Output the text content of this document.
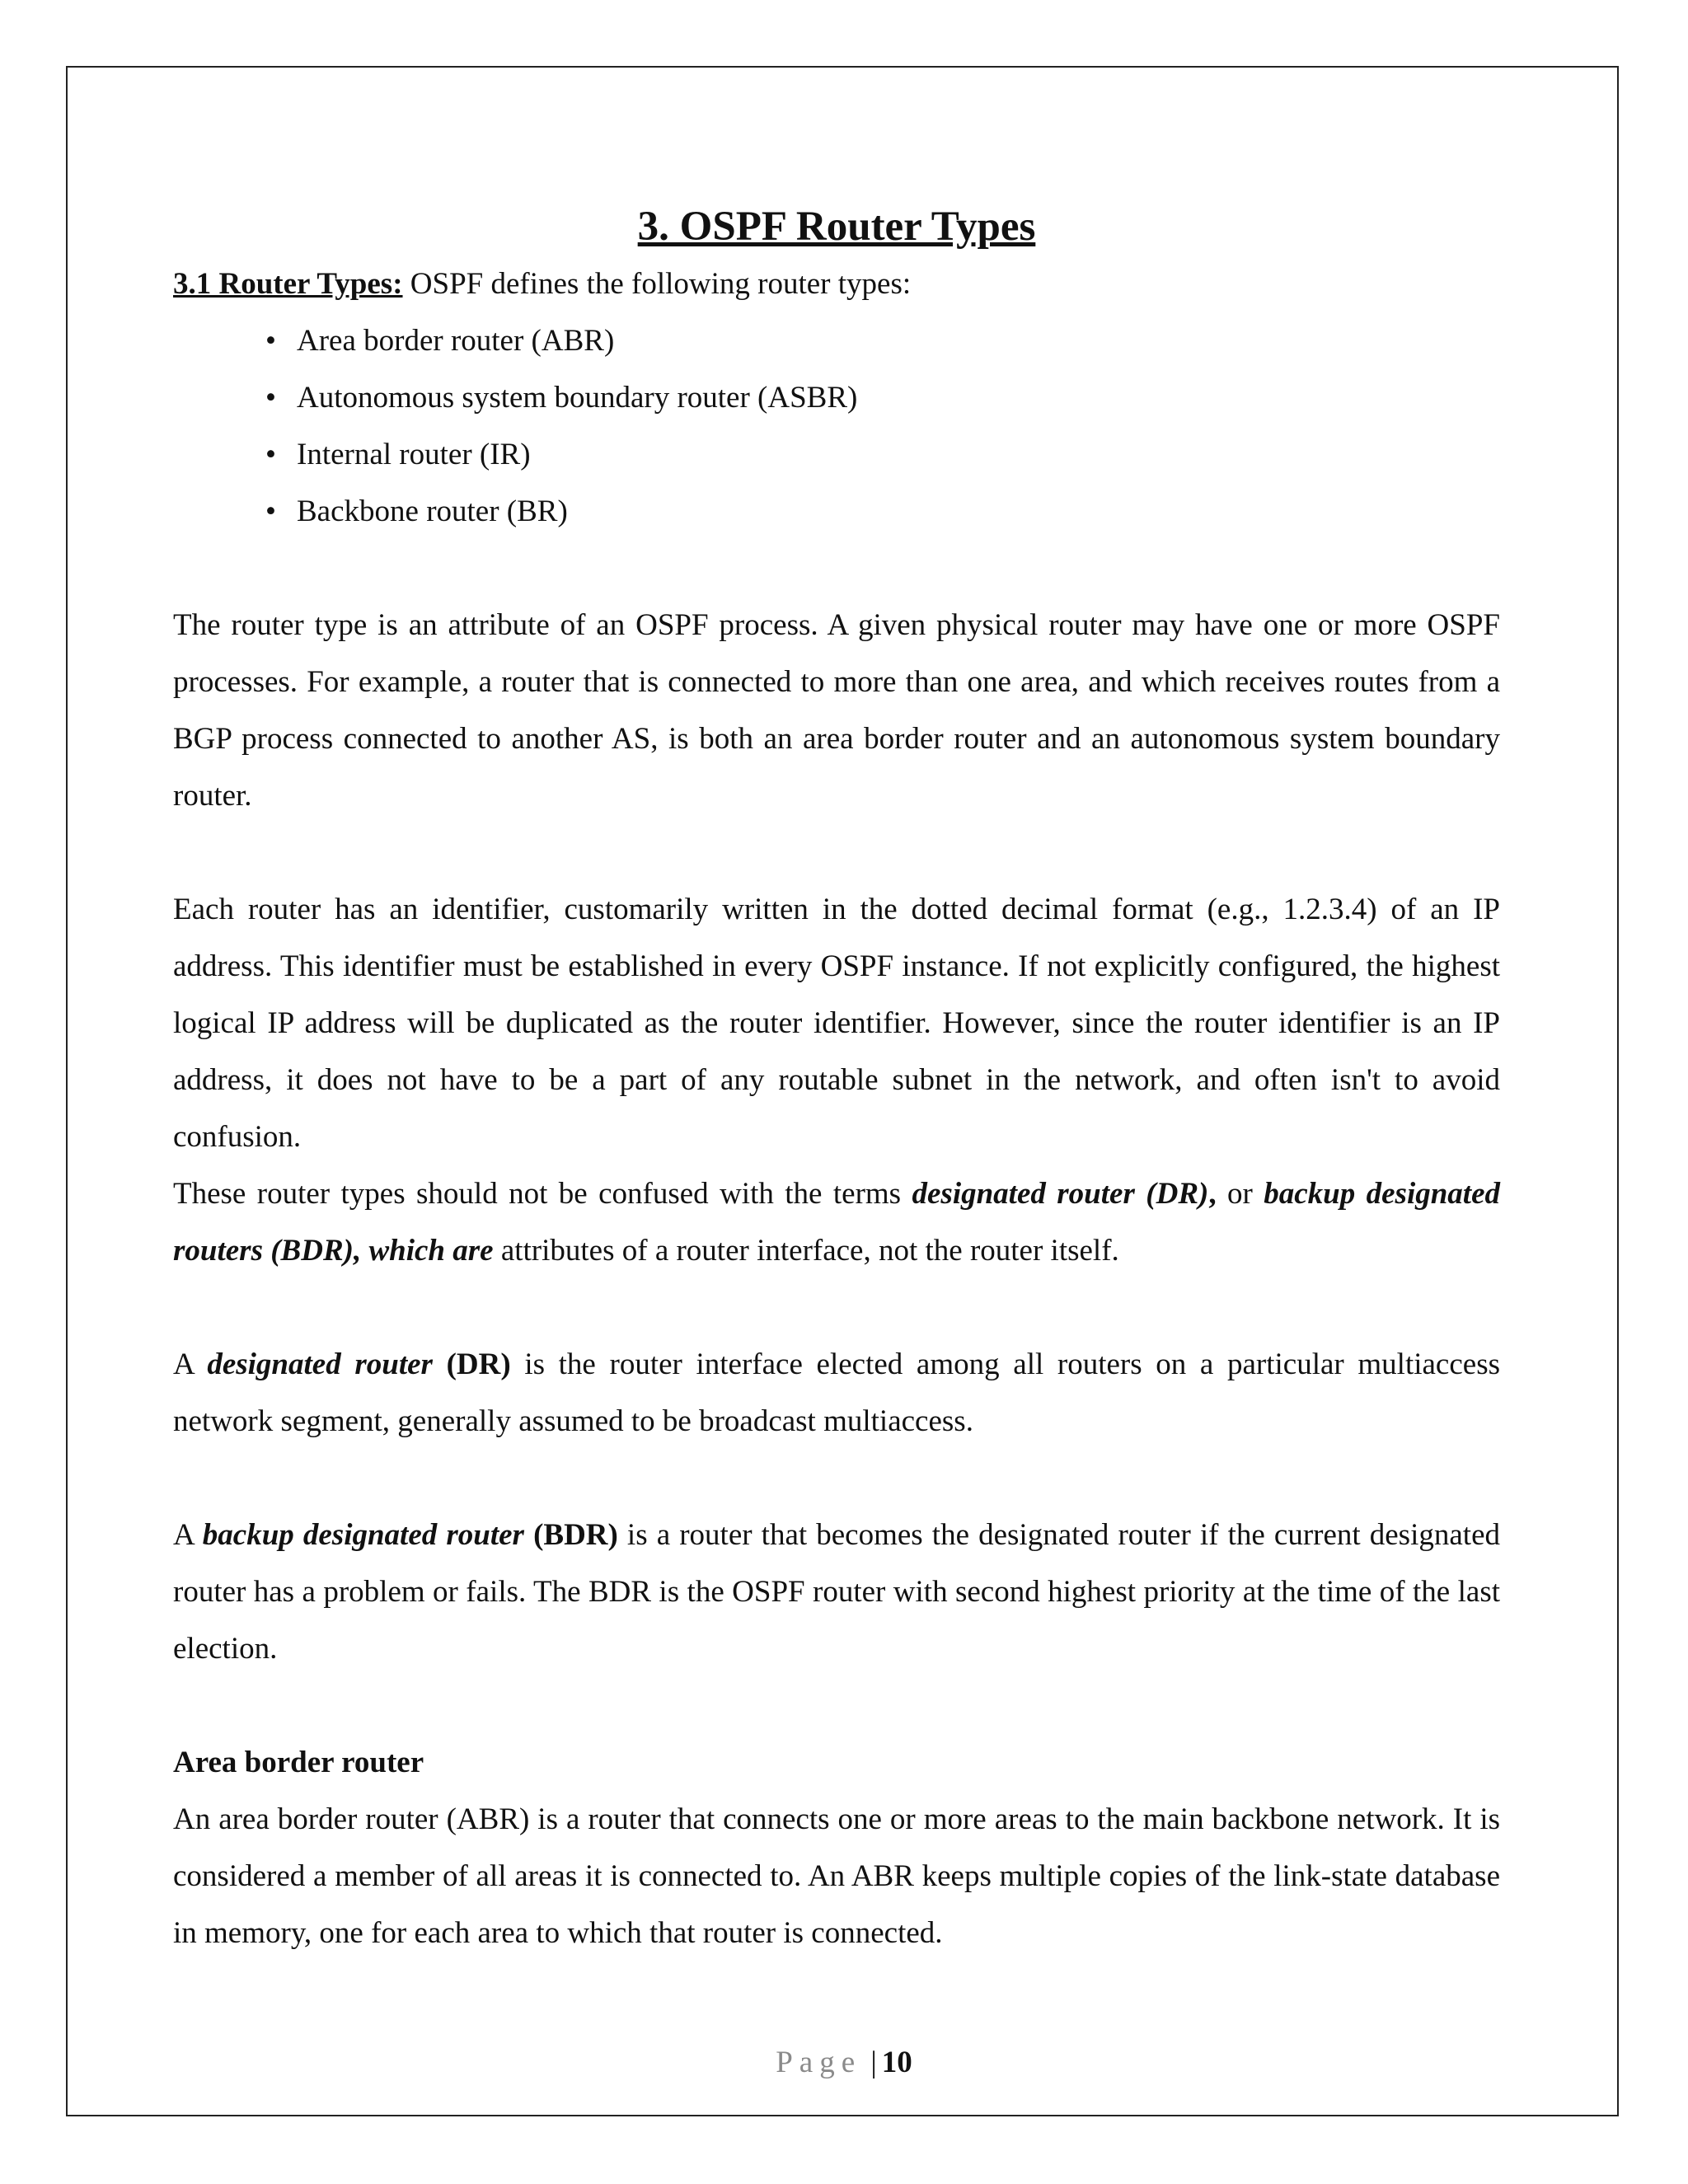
3. OSPF Router Types

3.1 Router Types: OSPF defines the following router types:

• Area border router (ABR)
• Autonomous system boundary router (ASBR)
• Internal router (IR)
• Backbone router (BR)

The router type is an attribute of an OSPF process. A given physical router may have one or more OSPF processes. For example, a router that is connected to more than one area, and which receives routes from a BGP process connected to another AS, is both an area border router and an autonomous system boundary router.

Each router has an identifier, customarily written in the dotted decimal format (e.g., 1.2.3.4) of an IP address. This identifier must be established in every OSPF instance. If not explicitly configured, the highest logical IP address will be duplicated as the router identifier. However, since the router identifier is an IP address, it does not have to be a part of any routable subnet in the network, and often isn't to avoid confusion.

These router types should not be confused with the terms designated router (DR), or backup designated routers (BDR), which are attributes of a router interface, not the router itself.

A designated router (DR) is the router interface elected among all routers on a particular multiaccess network segment, generally assumed to be broadcast multiaccess.

A backup designated router (BDR) is a router that becomes the designated router if the current designated router has a problem or fails. The BDR is the OSPF router with second highest priority at the time of the last election.

Area border router

An area border router (ABR) is a router that connects one or more areas to the main backbone network. It is considered a member of all areas it is connected to. An ABR keeps multiple copies of the link-state database in memory, one for each area to which that router is connected.

Page | 10
